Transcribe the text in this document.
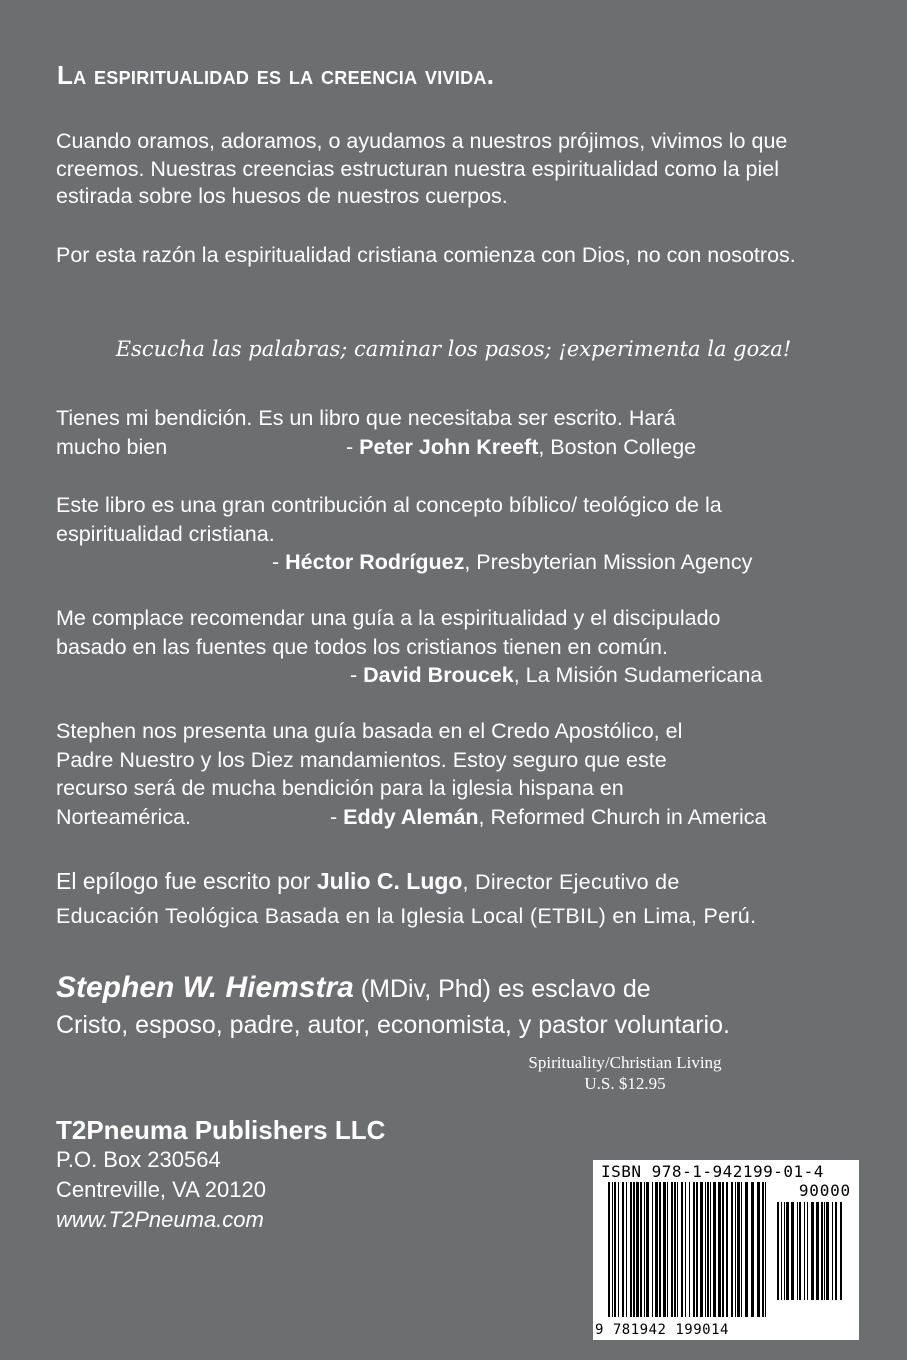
La espiritualidad es la creencia vivida.
Cuando oramos, adoramos, o ayudamos a nuestros prójimos, vivimos lo que creemos. Nuestras creencias estructuran nuestra espiritualidad como la piel estirada sobre los huesos de nuestros cuerpos.
Por esta razón la espiritualidad cristiana comienza con Dios, no con nosotros.
Escucha las palabras; caminar los pasos; ¡experimenta la goza!
Tienes mi bendición. Es un libro que necesitaba ser escrito. Hará
mucho bien	- Peter John Kreeft, Boston College
Este libro es una gran contribución al concepto bíblico/ teológico de la
espiritualidad cristiana.
- Héctor Rodríguez, Presbyterian Mission Agency
Me complace recomendar una guía a la espiritualidad y el discipulado
basado en las fuentes que todos los cristianos tienen en común.
- David Broucek, La Misión Sudamericana
Stephen nos presenta una guía basada en el Credo Apostólico, el
Padre Nuestro y los Diez mandamientos. Estoy seguro que este
recurso será de mucha bendición para la iglesia hispana en
Norteamérica.	- Eddy Alemán, Reformed Church in America
El epílogo fue escrito por Julio C. Lugo, Director Ejecutivo de
Educación Teológica Basada en la Iglesia Local (ETBIL) en Lima, Perú.
Stephen W. Hiemstra (MDiv, Phd) es esclavo de
Cristo, esposo, padre, autor, economista, y pastor voluntario.
Spirituality/Christian Living
U.S. $12.95
T2Pneuma Publishers LLC
P.O. Box 230564
Centreville, VA 20120
www.T2Pneuma.com
ISBN 978-1-942199-01-4
90000
9 781942 199014
